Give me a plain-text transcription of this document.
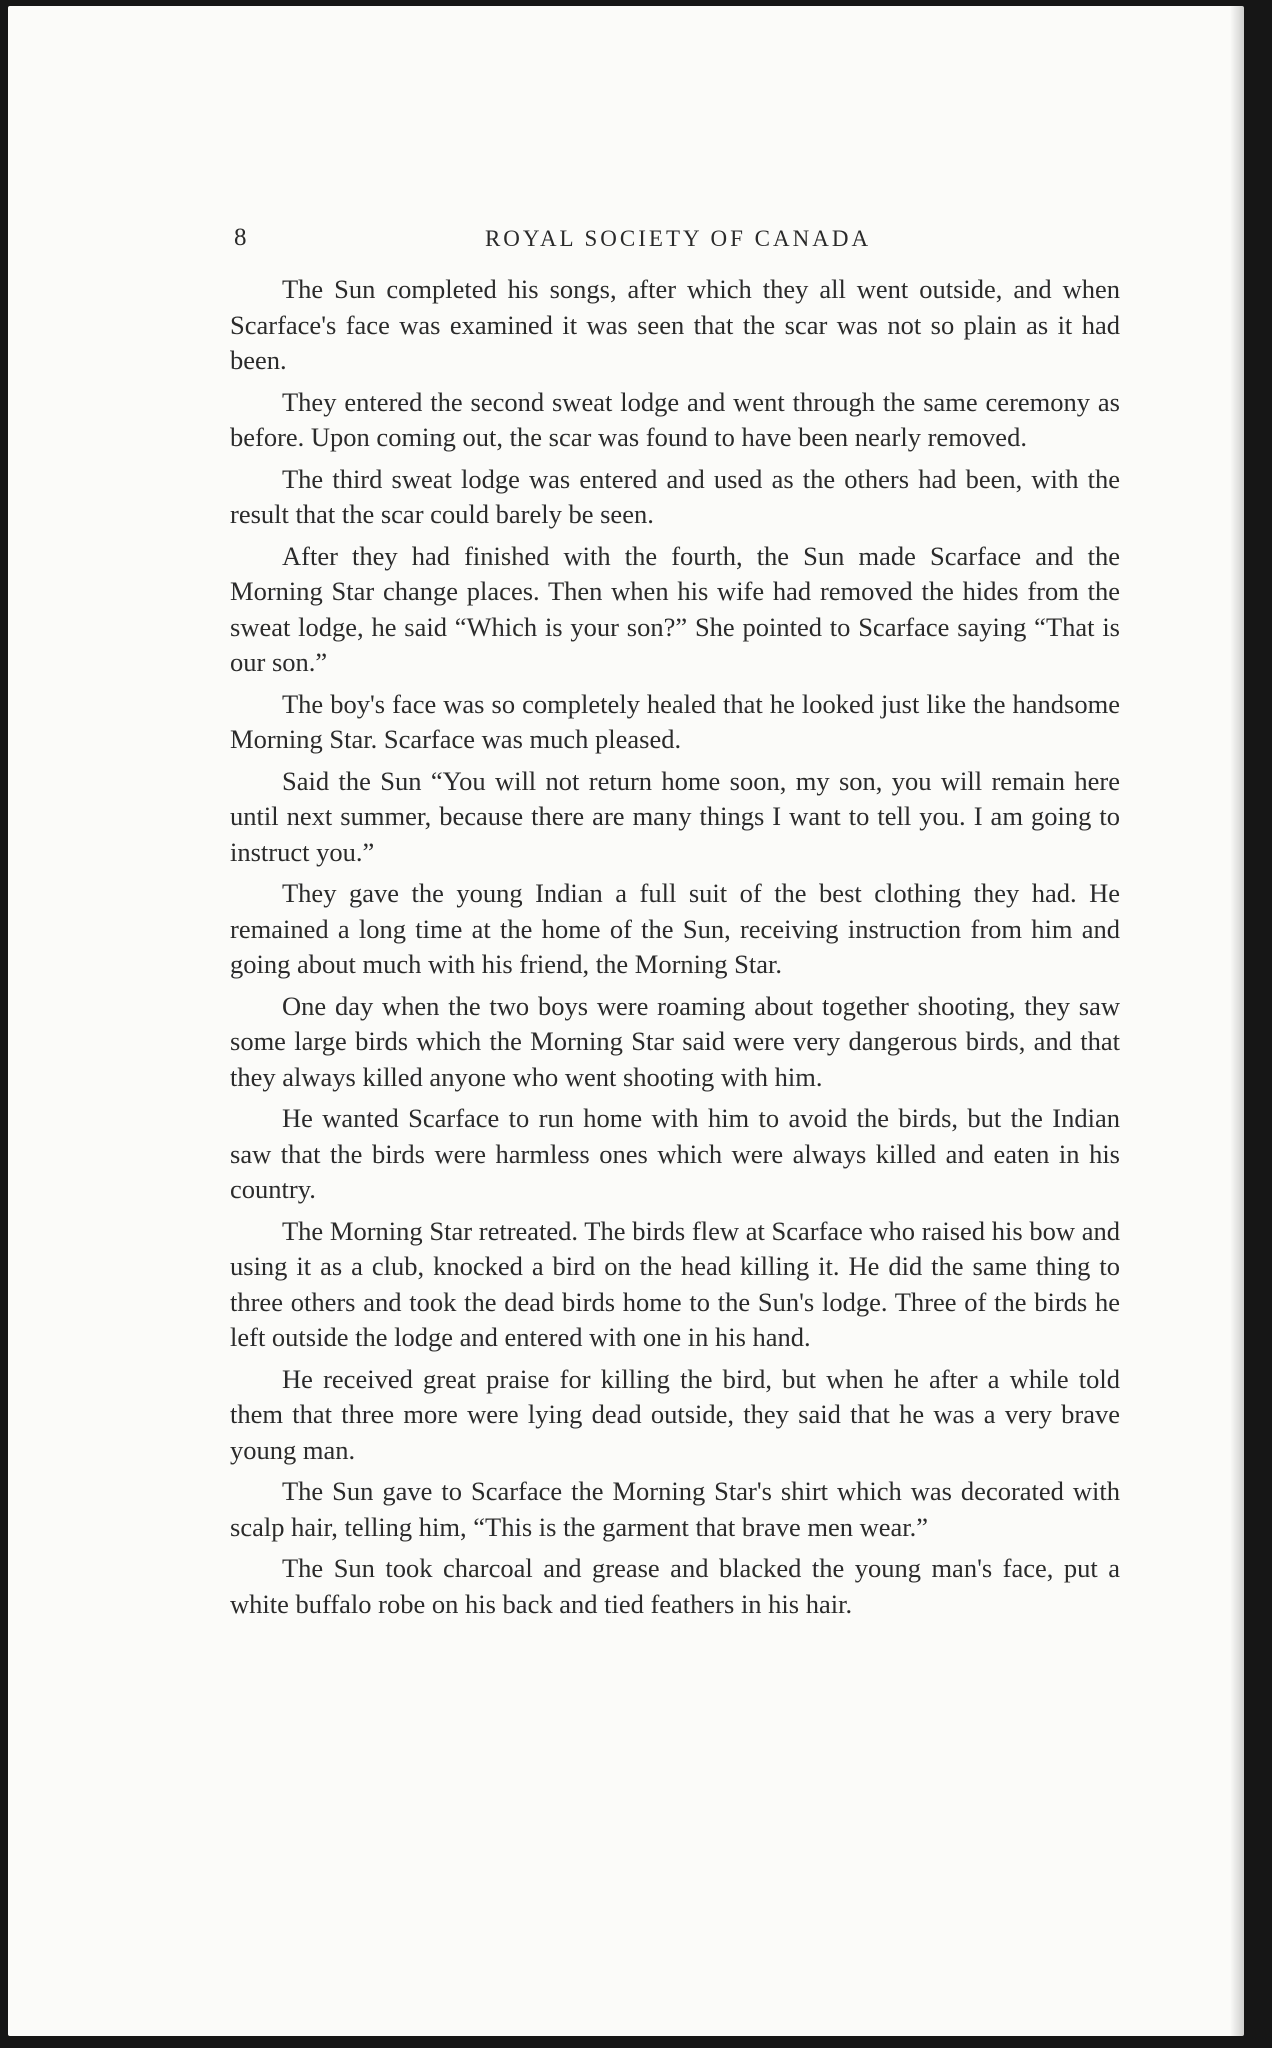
8	ROYAL SOCIETY OF CANADA

The Sun completed his songs, after which they all went outside, and when Scarface's face was examined it was seen that the scar was not so plain as it had been.

They entered the second sweat lodge and went through the same ceremony as before. Upon coming out, the scar was found to have been nearly removed.

The third sweat lodge was entered and used as the others had been, with the result that the scar could barely be seen.

After they had finished with the fourth, the Sun made Scarface and the Morning Star change places. Then when his wife had removed the hides from the sweat lodge, he said “Which is your son?” She pointed to Scarface saying “That is our son.”

The boy's face was so completely healed that he looked just like the handsome Morning Star. Scarface was much pleased.

Said the Sun “You will not return home soon, my son, you will remain here until next summer, because there are many things I want to tell you. I am going to instruct you.”

They gave the young Indian a full suit of the best clothing they had. He remained a long time at the home of the Sun, receiving instruction from him and going about much with his friend, the Morning Star.

One day when the two boys were roaming about together shooting, they saw some large birds which the Morning Star said were very dangerous birds, and that they always killed anyone who went shooting with him.

He wanted Scarface to run home with him to avoid the birds, but the Indian saw that the birds were harmless ones which were always killed and eaten in his country.

The Morning Star retreated. The birds flew at Scarface who raised his bow and using it as a club, knocked a bird on the head killing it. He did the same thing to three others and took the dead birds home to the Sun's lodge. Three of the birds he left outside the lodge and entered with one in his hand.

He received great praise for killing the bird, but when he after a while told them that three more were lying dead outside, they said that he was a very brave young man.

The Sun gave to Scarface the Morning Star's shirt which was decorated with scalp hair, telling him, “This is the garment that brave men wear.”

The Sun took charcoal and grease and blacked the young man's face, put a white buffalo robe on his back and tied feathers in his hair.
